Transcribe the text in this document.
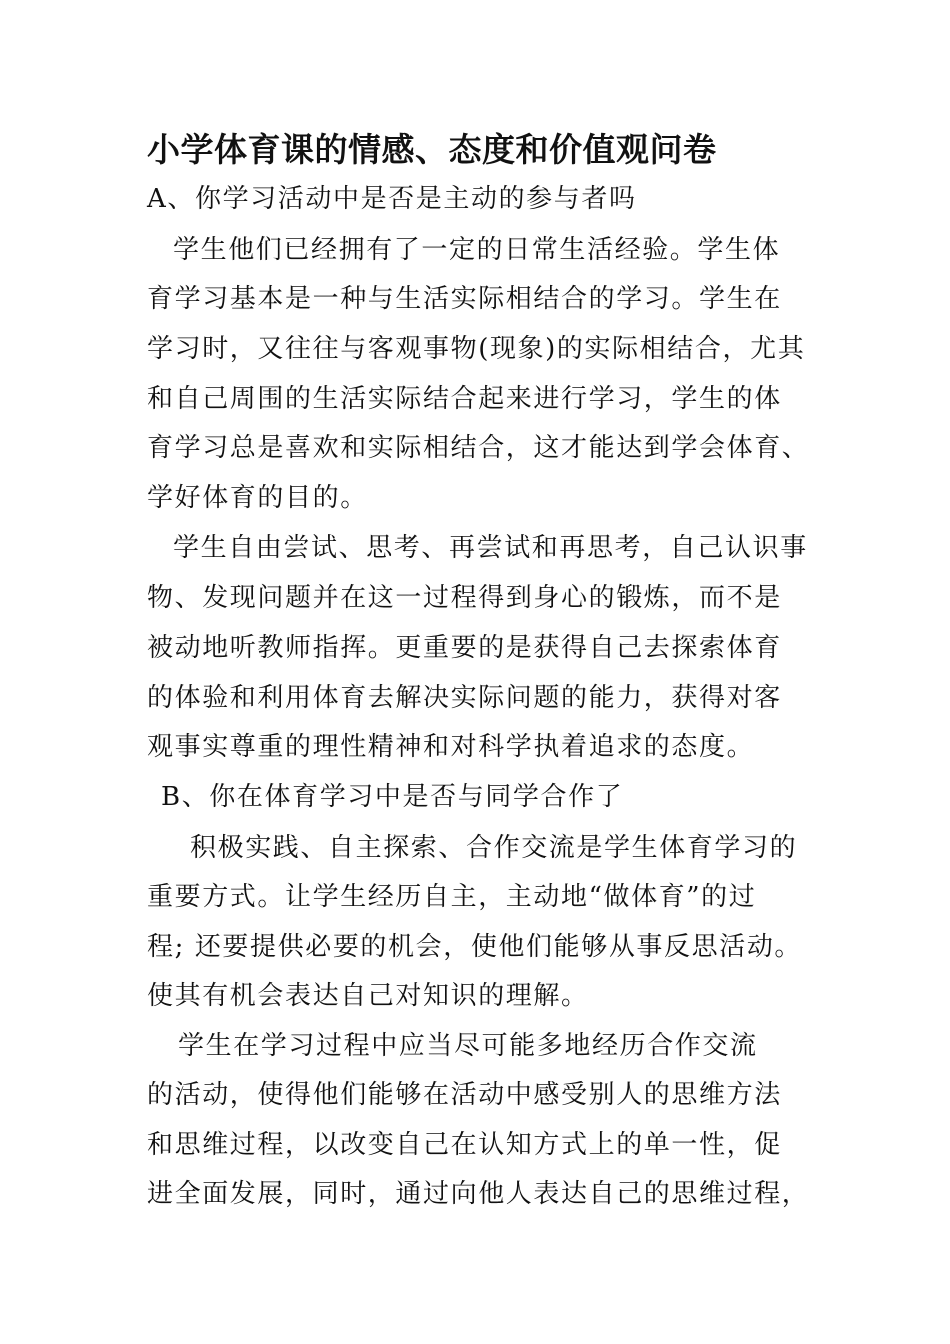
小学体育课的情感、态度和价值观问卷
A、你学习活动中是否是主动的参与者吗
学生他们已经拥有了一定的日常生活经验。学生体
育学习基本是一种与生活实际相结合的学习。学生在
学习时，又往往与客观事物(现象)的实际相结合，尤其
和自己周围的生活实际结合起来进行学习，学生的体
育学习总是喜欢和实际相结合，这才能达到学会体育、
学好体育的目的。
学生自由尝试、思考、再尝试和再思考，自己认识事
物、发现问题并在这一过程得到身心的锻炼，而不是
被动地听教师指挥。更重要的是获得自己去探索体育
的体验和利用体育去解决实际问题的能力，获得对客
观事实尊重的理性精神和对科学执着追求的态度。
B、你在体育学习中是否与同学合作了
积极实践、自主探索、合作交流是学生体育学习的
重要方式。让学生经历自主，主动地“做体育”的过
程; 还要提供必要的机会，使他们能够从事反思活动。
使其有机会表达自己对知识的理解。
学生在学习过程中应当尽可能多地经历合作交流
的活动，使得他们能够在活动中感受别人的思维方法
和思维过程，以改变自己在认知方式上的单一性，促
进全面发展，同时，通过向他人表达自己的思维过程，
